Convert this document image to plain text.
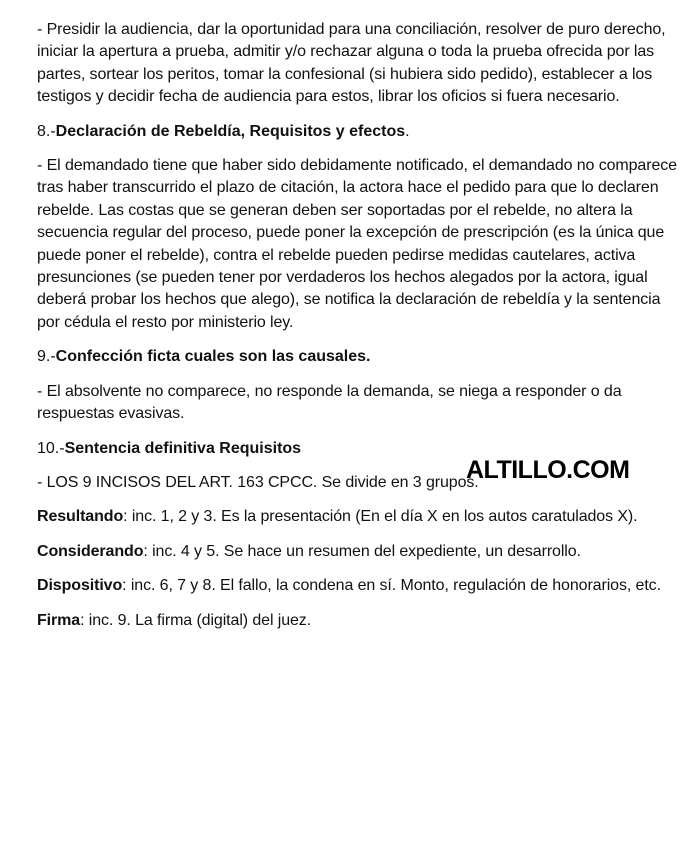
- Presidir la audiencia, dar la oportunidad para una conciliación, resolver de puro derecho, iniciar la apertura a prueba, admitir y/o rechazar alguna o toda la prueba ofrecida por las partes, sortear los peritos, tomar la confesional (si hubiera sido pedido), establecer a los testigos y decidir fecha de audiencia para estos, librar los oficios si fuera necesario.

8.-Declaración de Rebeldía, Requisitos y efectos.

- El demandado tiene que haber sido debidamente notificado, el demandado no comparece tras haber transcurrido el plazo de citación, la actora hace el pedido para que lo declaren rebelde. Las costas que se generan deben ser soportadas por el rebelde, no altera la secuencia regular del proceso, puede poner la excepción de prescripción (es la única que puede poner el rebelde), contra el rebelde pueden pedirse medidas cautelares, activa presunciones (se pueden tener por verdaderos los hechos alegados por la actora, igual deberá probar los hechos que alego), se notifica la declaración de rebeldía y la sentencia por cédula el resto por ministerio ley.

9.-Confección ficta cuales son las causales.

- El absolvente no comparece, no responde la demanda, se niega a responder o da respuestas evasivas.

10.-Sentencia definitiva Requisitos

- LOS 9 INCISOS DEL ART. 163 CPCC. Se divide en 3 grupos.

Resultando: inc. 1, 2 y 3. Es la presentación (En el día X en los autos caratulados X).

Considerando: inc. 4 y 5. Se hace un resumen del expediente, un desarrollo.

Dispositivo: inc. 6, 7 y 8. El fallo, la condena en sí. Monto, regulación de honorarios, etc.

Firma: inc. 9. La firma (digital) del juez.

ALTILLO.COM
